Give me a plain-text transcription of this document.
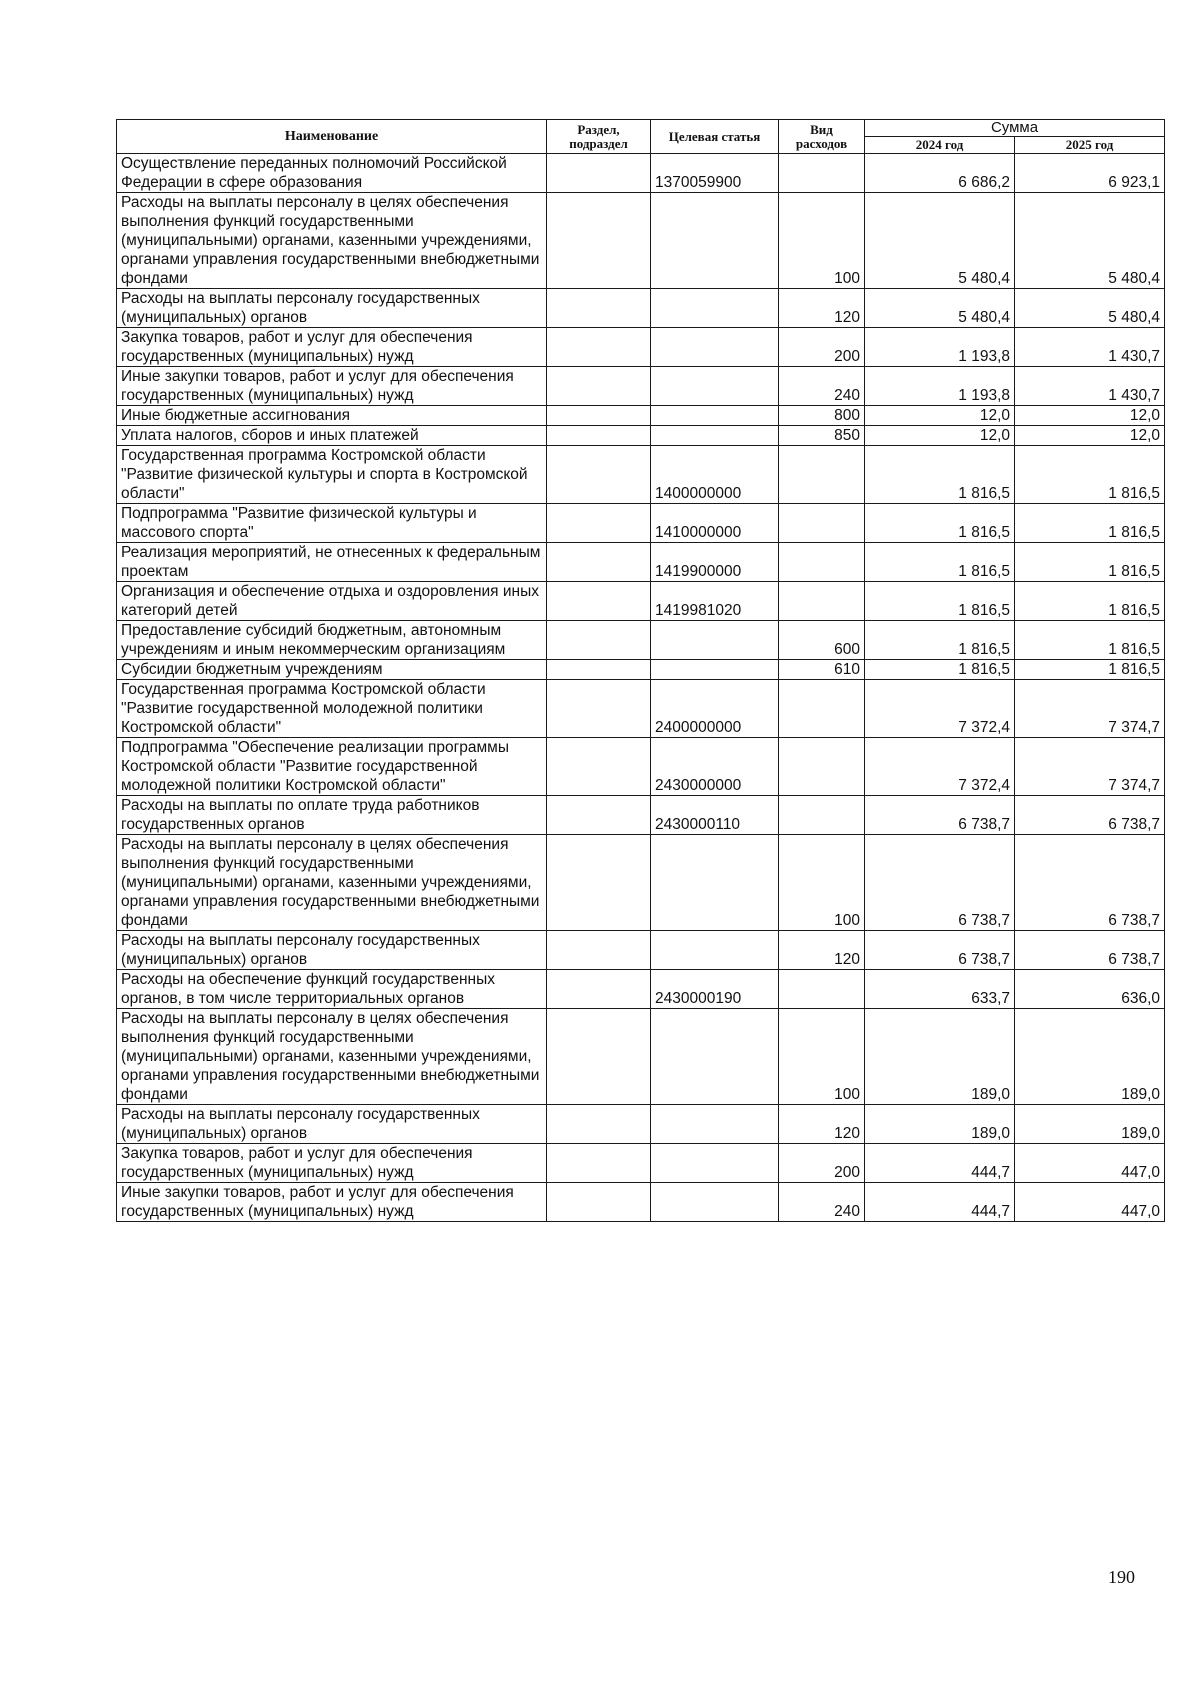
Наименование	Раздел, подраздел	Целевая статья	Вид расходов	Сумма	
				2024 год	2025 год
Осуществление переданных полномочий Российской Федерации в сфере образования		1370059900		6 686,2	6 923,1
Расходы на выплаты персоналу в целях обеспечения выполнения функций государственными (муниципальными) органами, казенными учреждениями, органами управления государственными внебюджетными фондами			100	5 480,4	5 480,4
Расходы на выплаты персоналу государственных (муниципальных) органов			120	5 480,4	5 480,4
Закупка товаров, работ и услуг для обеспечения государственных (муниципальных) нужд			200	1 193,8	1 430,7
Иные закупки товаров, работ и услуг для обеспечения государственных (муниципальных) нужд			240	1 193,8	1 430,7
Иные бюджетные ассигнования			800	12,0	12,0
Уплата налогов, сборов и иных платежей			850	12,0	12,0
Государственная программа Костромской области "Развитие физической культуры и спорта в Костромской области"		1400000000		1 816,5	1 816,5
Подпрограмма "Развитие физической культуры и массового спорта"		1410000000		1 816,5	1 816,5
Реализация мероприятий, не отнесенных к федеральным проектам		1419900000		1 816,5	1 816,5
Организация и обеспечение отдыха и оздоровления иных категорий детей		1419981020		1 816,5	1 816,5
Предоставление субсидий бюджетным, автономным учреждениям и иным некоммерческим организациям			600	1 816,5	1 816,5
Субсидии бюджетным учреждениям			610	1 816,5	1 816,5
Государственная программа Костромской области "Развитие государственной молодежной политики Костромской области"		2400000000		7 372,4	7 374,7
Подпрограмма "Обеспечение реализации программы Костромской области "Развитие государственной молодежной политики Костромской области"		2430000000		7 372,4	7 374,7
Расходы на выплаты по оплате труда работников государственных органов		2430000110		6 738,7	6 738,7
Расходы на выплаты персоналу в целях обеспечения выполнения функций государственными (муниципальными) органами, казенными учреждениями, органами управления государственными внебюджетными фондами			100	6 738,7	6 738,7
Расходы на выплаты персоналу государственных (муниципальных) органов			120	6 738,7	6 738,7
Расходы на обеспечение функций государственных органов, в том числе территориальных органов		2430000190		633,7	636,0
Расходы на выплаты персоналу в целях обеспечения выполнения функций государственными (муниципальными) органами, казенными учреждениями, органами управления государственными внебюджетными фондами			100	189,0	189,0
Расходы на выплаты персоналу государственных (муниципальных) органов			120	189,0	189,0
Закупка товаров, работ и услуг для обеспечения государственных (муниципальных) нужд			200	444,7	447,0
Иные закупки товаров, работ и услуг для обеспечения государственных (муниципальных) нужд			240	444,7	447,0
190
